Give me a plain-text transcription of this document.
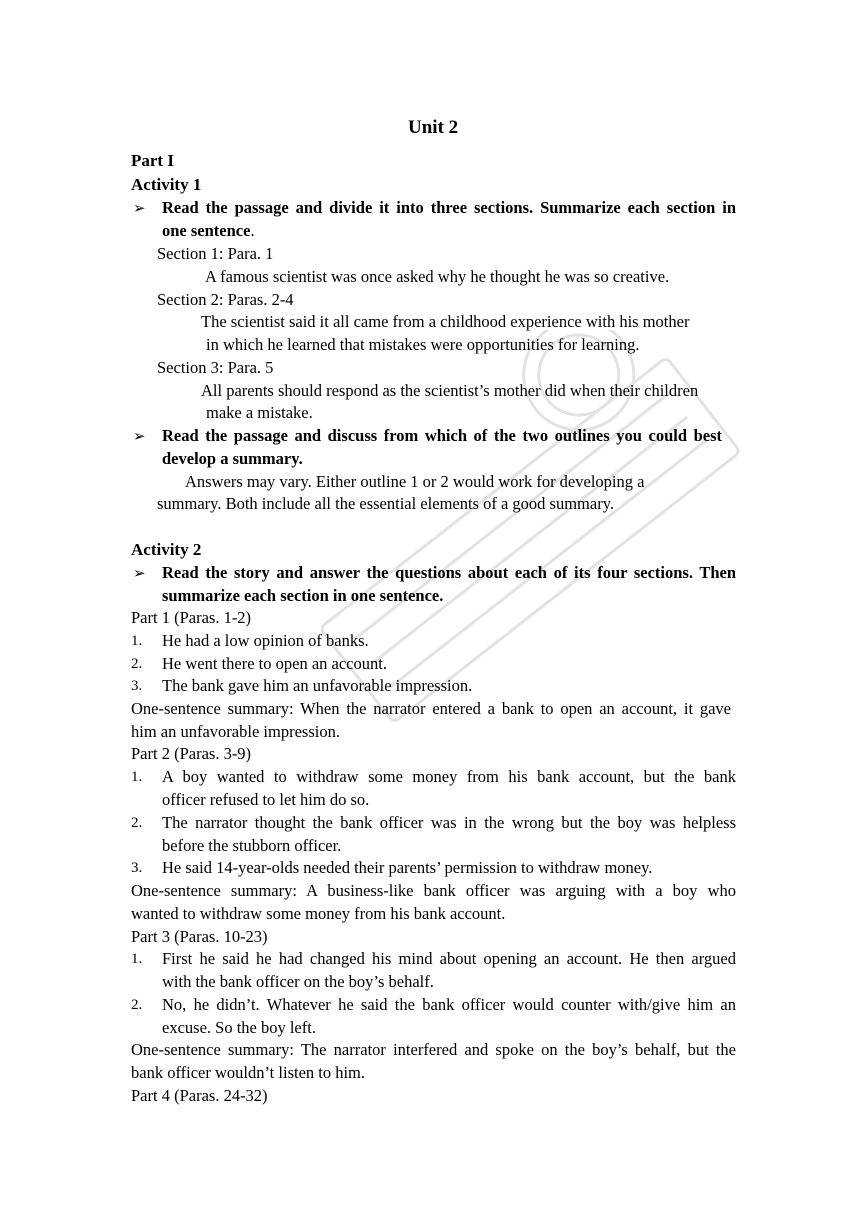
Unit 2
Part I
Activity 1
➢ Read the passage and divide it into three sections. Summarize each section in
one sentence.
Section 1: Para. 1
A famous scientist was once asked why he thought he was so creative.
Section 2: Paras. 2-4
The scientist said it all came from a childhood experience with his mother
in which he learned that mistakes were opportunities for learning.
Section 3: Para. 5
All parents should respond as the scientist’s mother did when their children
make a mistake.
➢ Read the passage and discuss from which of the two outlines you could best
develop a summary.
Answers may vary. Either outline 1 or 2 would work for developing a
summary. Both include all the essential elements of a good summary.
Activity 2
➢ Read the story and answer the questions about each of its four sections. Then
summarize each section in one sentence.
Part 1 (Paras. 1-2)
1. He had a low opinion of banks.
2. He went there to open an account.
3. The bank gave him an unfavorable impression.
One-sentence summary: When the narrator entered a bank to open an account, it gave
him an unfavorable impression.
Part 2 (Paras. 3-9)
1. A boy wanted to withdraw some money from his bank account, but the bank
officer refused to let him do so.
2. The narrator thought the bank officer was in the wrong but the boy was helpless
before the stubborn officer.
3. He said 14-year-olds needed their parents’ permission to withdraw money.
One-sentence summary: A business-like bank officer was arguing with a boy who
wanted to withdraw some money from his bank account.
Part 3 (Paras. 10-23)
1. First he said he had changed his mind about opening an account. He then argued
with the bank officer on the boy’s behalf.
2. No, he didn’t. Whatever he said the bank officer would counter with/give him an
excuse. So the boy left.
One-sentence summary: The narrator interfered and spoke on the boy’s behalf, but the
bank officer wouldn’t listen to him.
Part 4 (Paras. 24-32)
